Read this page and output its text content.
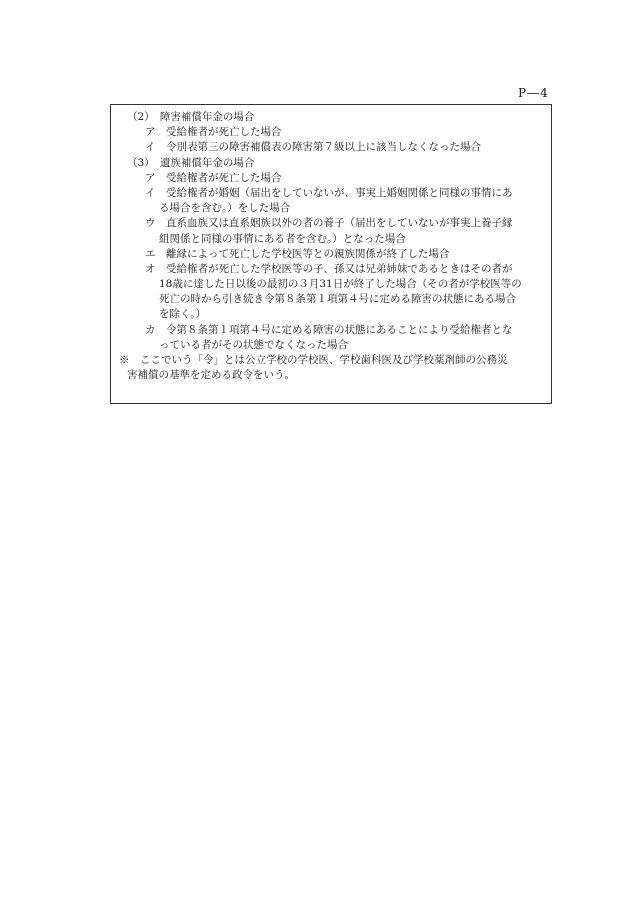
P―4
（2）　障害補償年金の場合
ア　受給権者が死亡した場合
イ　令別表第三の障害補償表の障害第７級以上に該当しなくなった場合
（3）　遺族補償年金の場合
ア　受給権者が死亡した場合
イ　受給権者が婚姻（届出をしていないが、事実上婚姻関係と同様の事情にあ
る場合を含む。）をした場合
ウ　直系血族又は直系姻族以外の者の養子（届出をしていないが事実上養子縁
組関係と同様の事情にある者を含む。）となった場合
エ　離縁によって死亡した学校医等との親族関係が終了した場合
オ　受給権者が死亡した学校医等の子、孫又は兄弟姉妹であるときはその者が
18歳に達した日以後の最初の３月31日が終了した場合（その者が学校医等の
死亡の時から引き続き令第８条第１項第４号に定める障害の状態にある場合
を除く。）
カ　令第８条第１項第４号に定める障害の状態にあることにより受給権者とな
っている者がその状態でなくなった場合
※　ここでいう「令」とは公立学校の学校医、学校歯科医及び学校薬剤師の公務災
害補償の基準を定める政令をいう。
